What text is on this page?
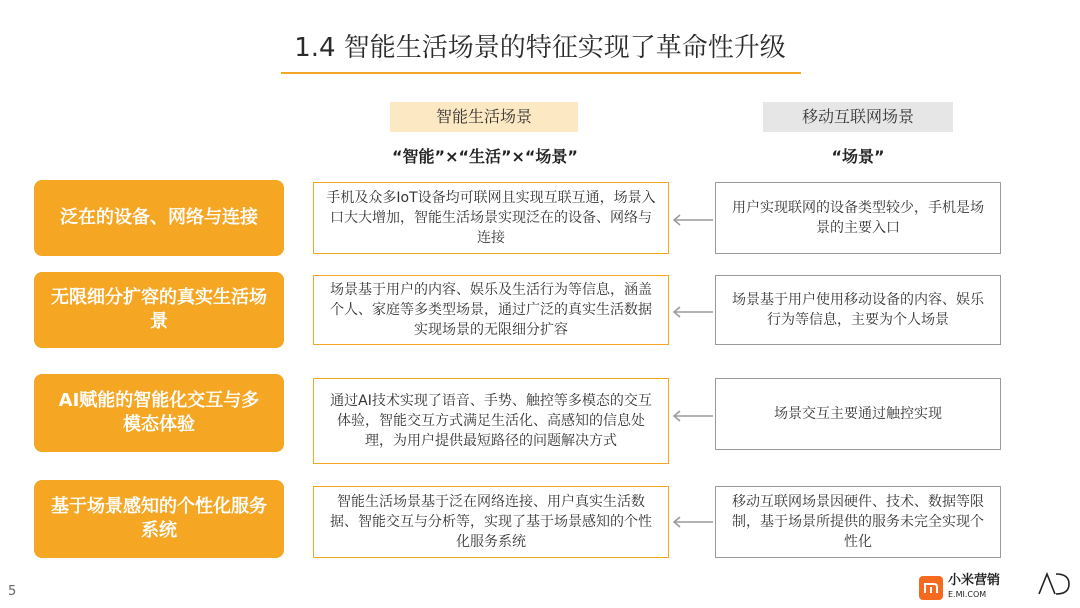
1.4 智能生活场景的特征实现了革命性升级
智能生活场景	移动互联网场景
“智能”×“生活”×“场景”	“场景”
泛在的设备、网络与连接
手机及众多IoT设备均可联网且实现互联互通，场景入口大大增加，智能生活场景实现泛在的设备、网络与连接
用户实现联网的设备类型较少，手机是场景的主要入口
无限细分扩容的真实生活场景
场景基于用户的内容、娱乐及生活行为等信息，涵盖个人、家庭等多类型场景，通过广泛的真实生活数据实现场景的无限细分扩容
场景基于用户使用移动设备的内容、娱乐行为等信息，主要为个人场景
AI赋能的智能化交互与多模态体验
通过AI技术实现了语音、手势、触控等多模态的交互体验，智能交互方式满足生活化、高感知的信息处理，为用户提供最短路径的问题解决方式
场景交互主要通过触控实现
基于场景感知的个性化服务系统
智能生活场景基于泛在网络连接、用户真实生活数据、智能交互与分析等，实现了基于场景感知的个性化服务系统
移动互联网场景因硬件、技术、数据等限制，基于场景所提供的服务未完全实现个性化
5
小米营销
E.MI.COM
